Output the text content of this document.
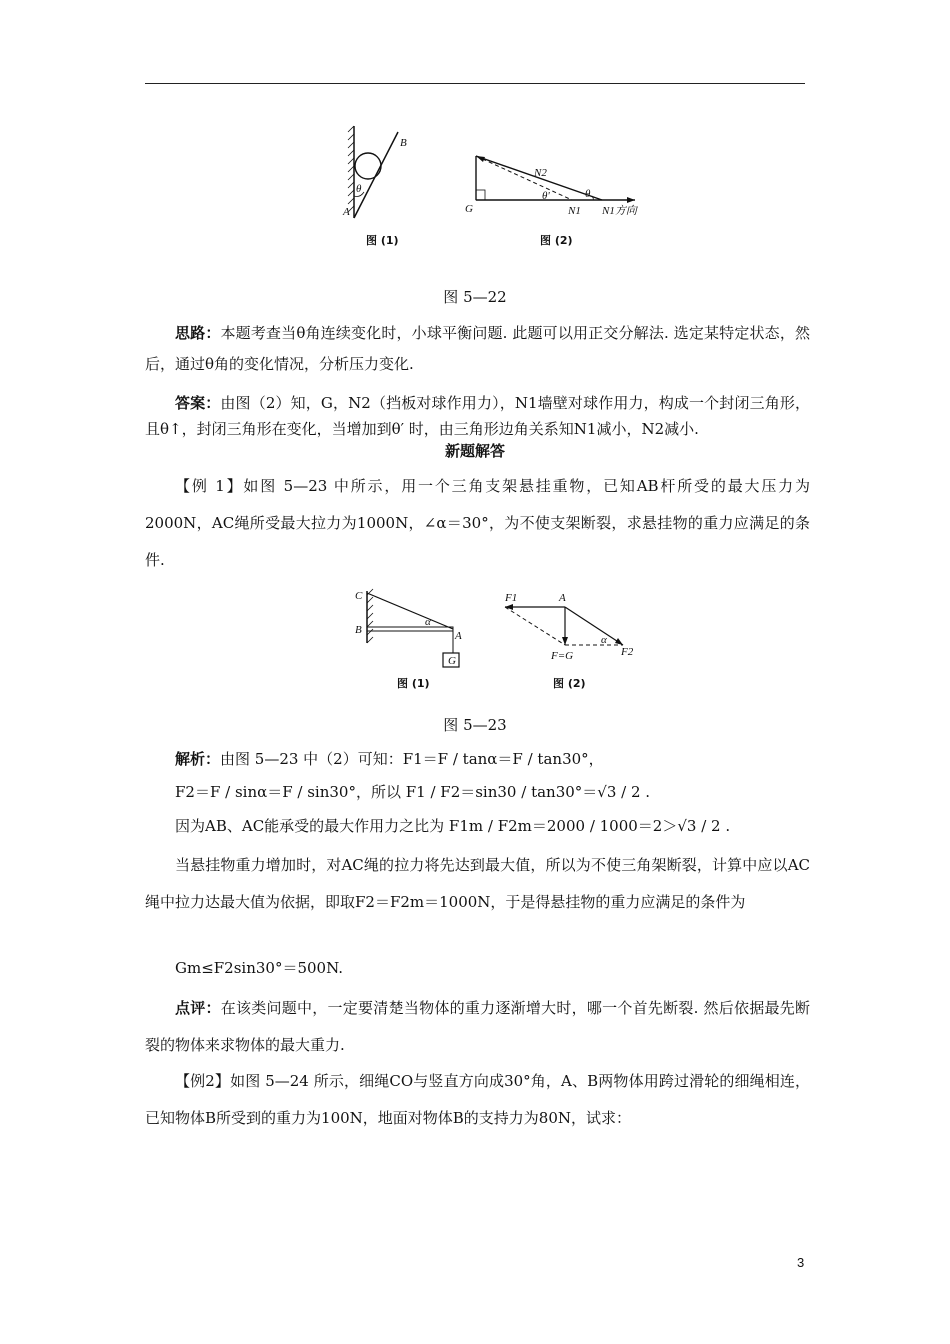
θ
A
B
N2
θ
θ'
G	N1 N1方向
图 (1)	图 (2)
图 5—22
思路：本题考查当θ角连续变化时，小球平衡问题. 此题可以用正交分解法. 选定某特定状态，然后，通过θ角的变化情况，分析压力变化.
答案：由图（2）知，G，N2（挡板对球作用力），N1墙壁对球作用力，构成一个封闭三角形，且θ↑，封闭三角形在变化，当增加到θ′ 时，由三角形边角关系知N1减小，N2减小.
新题解答
【例 1】如图 5—23 中所示，用一个三角支架悬挂重物，已知AB杆所受的最大压力为2000N，AC绳所受最大拉力为1000N，∠α＝30°，为不使支架断裂，求悬挂物的重力应满足的条件.
G
C
B	A
α
F1	A
F=G
α
F2
图 (1)	图 (2)
图 5—23
解析：由图 5—23 中（2）可知：F1＝F / tanα＝F / tan30°，
F2＝F / sinα＝F / sin30°，所以 F1 / F2＝sin30 / tan30°＝√3 / 2 .
因为AB、AC能承受的最大作用力之比为 F1m / F2m＝2000 / 1000＝2＞√3 / 2 .
当悬挂物重力增加时，对AC绳的拉力将先达到最大值，所以为不使三角架断裂，计算中应以AC绳中拉力达最大值为依据，即取F2＝F2m＝1000N，于是得悬挂物的重力应满足的条件为
Gm≤F2sin30°＝500N.
点评：在该类问题中，一定要清楚当物体的重力逐渐增大时，哪一个首先断裂. 然后依据最先断裂的物体来求物体的最大重力.
【例2】如图 5—24 所示，细绳CO与竖直方向成30°角，A、B两物体用跨过滑轮的细绳相连，已知物体B所受到的重力为100N，地面对物体B的支持力为80N，试求：
3
